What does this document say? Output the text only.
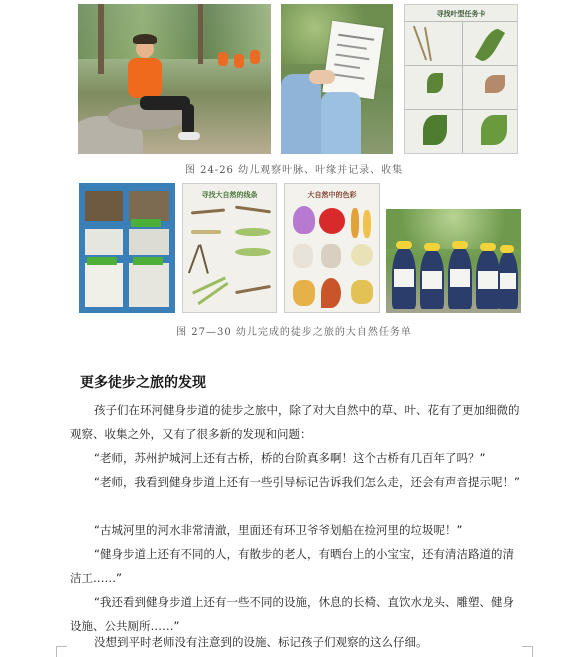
寻找叶型任务卡
图 24-26 幼儿观察叶脉、叶缘并记录、收集
寻找大自然的线条	大自然中的色彩
图 27—30 幼儿完成的徒步之旅的大自然任务单
更多徒步之旅的发现

孩子们在环河健身步道的徒步之旅中，除了对大自然中的草、叶、花有了更加细微的观察、收集之外，又有了很多新的发现和问题：

“老师，苏州护城河上还有古桥，桥的台阶真多啊！这个古桥有几百年了吗？”

“老师，我看到健身步道上还有一些引导标记告诉我们怎么走，还会有声音提示呢！”

“古城河里的河水非常清澈，里面还有环卫爷爷划船在捡河里的垃圾呢！”

“健身步道上还有不同的人，有散步的老人，有晒台上的小宝宝，还有清洁路道的清洁工……”

“我还看到健身步道上还有一些不同的设施，休息的长椅、直饮水龙头、雕塑、健身设施、公共厕所……”

没想到平时老师没有注意到的设施、标记孩子们观察的这么仔细。
